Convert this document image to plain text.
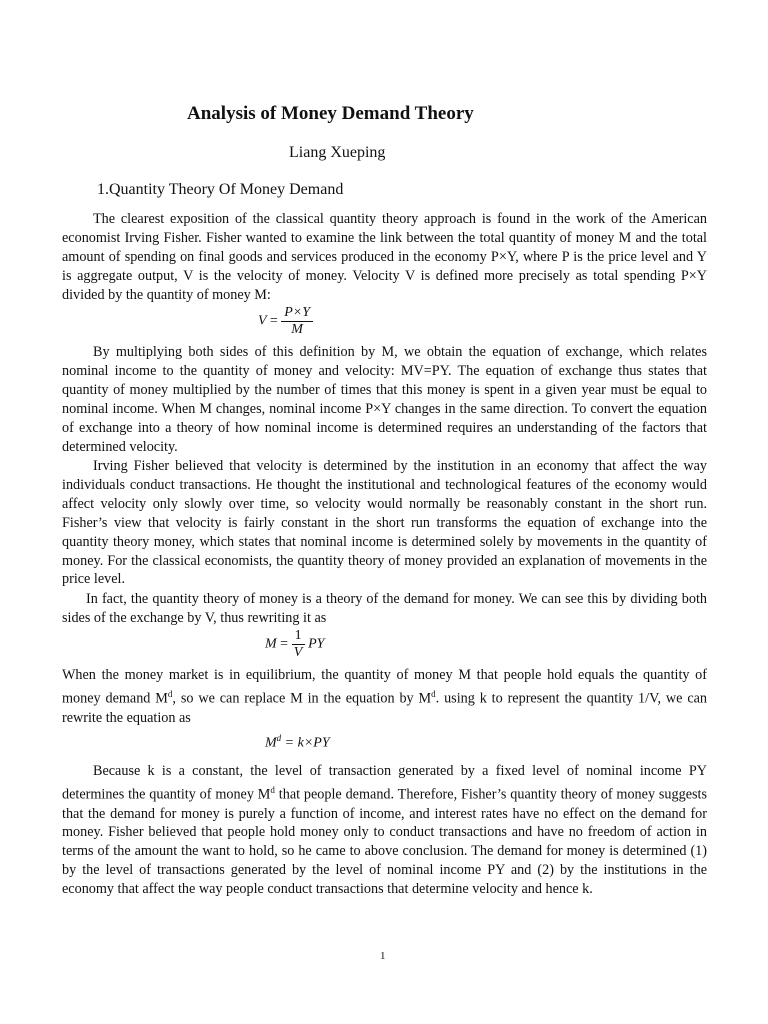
Analysis of Money Demand Theory
Liang Xueping
1.Quantity Theory Of Money Demand

The clearest exposition of the classical quantity theory approach is found in the work of the American economist Irving Fisher. Fisher wanted to examine the link between the total quantity of money M and the total amount of spending on final goods and services produced in the economy P×Y, where P is the price level and Y is aggregate output, V is the velocity of money. Velocity V is defined more precisely as total spending P×Y divided by the quantity of money M:

$V = \frac{P\times Y}{M}$

By multiplying both sides of this definition by M, we obtain the equation of exchange, which relates nominal income to the quantity of money and velocity: MV=PY. The equation of exchange thus states that quantity of money multiplied by the number of times that this money is spent in a given year must be equal to nominal income. When M changes, nominal income P×Y changes in the same direction. To convert the equation of exchange into a theory of how nominal income is determined requires an understanding of the factors that determined velocity.

Irving Fisher believed that velocity is determined by the institution in an economy that affect the way individuals conduct transactions. He thought the institutional and technological features of the economy would affect velocity only slowly over time, so velocity would normally be reasonably constant in the short run. Fisher’s view that velocity is fairly constant in the short run transforms the equation of exchange into the quantity theory money, which states that nominal income is determined solely by movements in the quantity of money. For the classical economists, the quantity theory of money provided an explanation of movements in the price level.

In fact, the quantity theory of money is a theory of the demand for money. We can see this by dividing both sides of the exchange by V, thus rewriting it as

$M = \frac{1}{V}$ PY

When the money market is in equilibrium, the quantity of money M that people hold equals the quantity of money demand $M^d$, so we can replace M in the equation by $M^d$. using k to represent the quantity 1/V, we can rewrite the equation as

$M^d = k\times PY$

Because k is a constant, the level of transaction generated by a fixed level of nominal income PY determines the quantity of money $M^d$ that people demand. Therefore, Fisher’s quantity theory of money suggests that the demand for money is purely a function of income, and interest rates have no effect on the demand for money. Fisher believed that people hold money only to conduct transactions and have no freedom of action in terms of the amount the want to hold, so he came to above conclusion. The demand for money is determined (1) by the level of transactions generated by the level of nominal income PY and (2) by the institutions in the economy that affect the way people conduct transactions that determine velocity and hence k.

1
